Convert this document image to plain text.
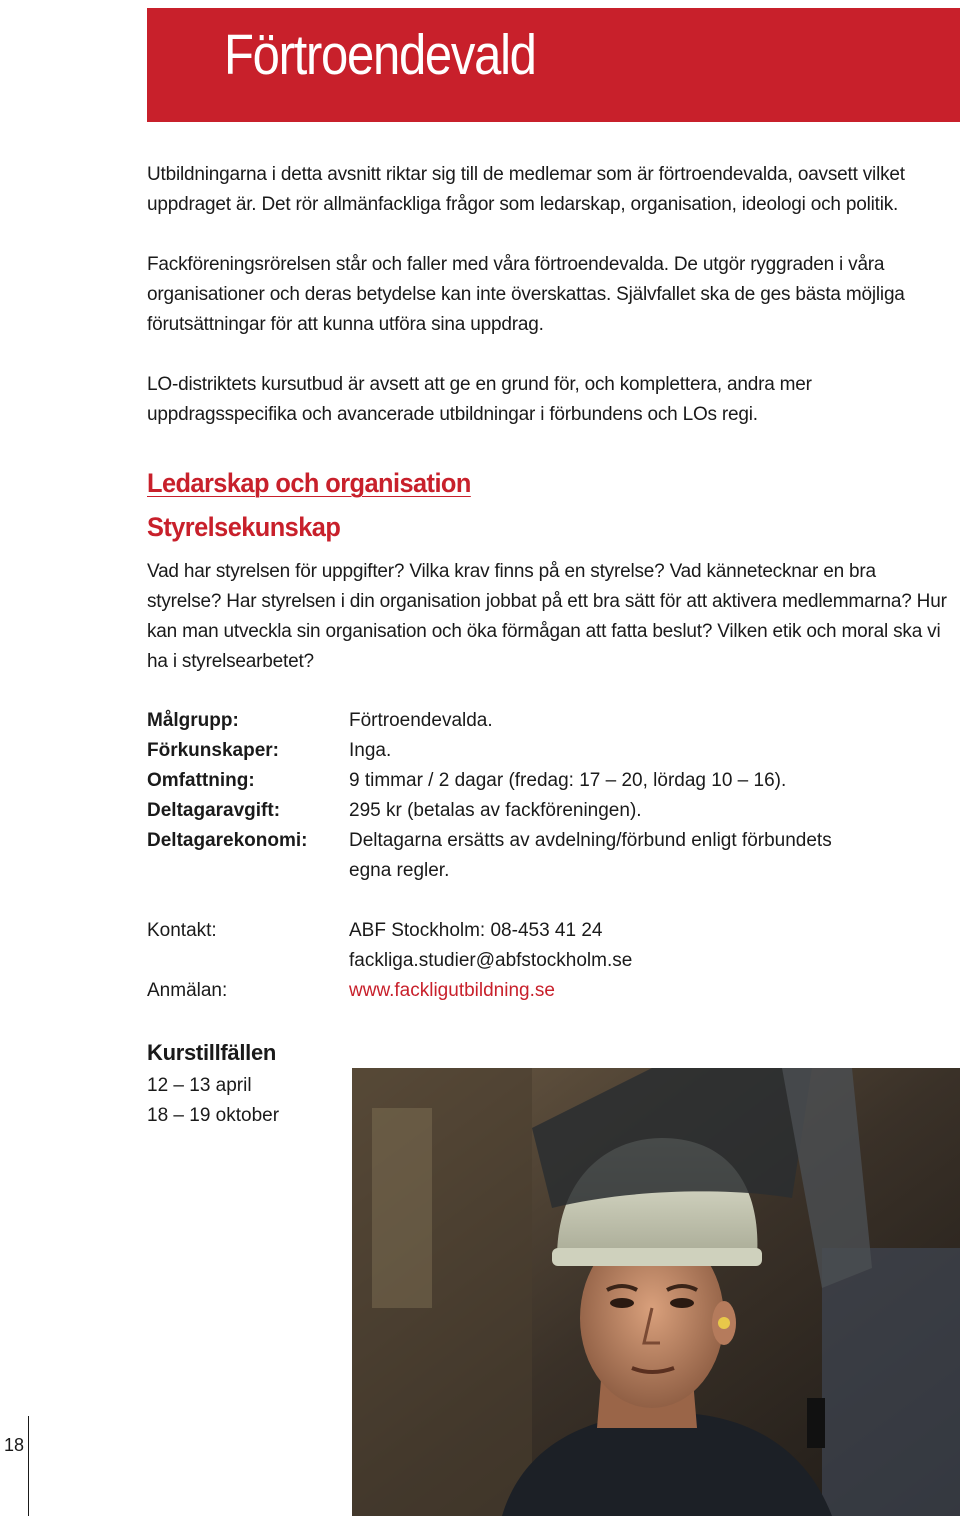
Förtroendevald

Utbildningarna i detta avsnitt riktar sig till de medlemar som är förtroendevalda, oavsett vilket uppdraget är. Det rör allmänfackliga frågor som ledarskap, organisation, ideologi och politik.

Fackföreningsrörelsen står och faller med våra förtroendevalda. De utgör ryggraden i våra organisationer och deras betydelse kan inte överskattas. Självfallet ska de ges bästa möjliga förutsättningar för att kunna utföra sina uppdrag.

LO-distriktets kursutbud är avsett att ge en grund för, och komplettera, andra mer uppdragsspecifika och avancerade utbildningar i förbundens och LOs regi.

Ledarskap och organisation
Styrelsekunskap

Vad har styrelsen för uppgifter? Vilka krav finns på en styrelse? Vad kännetecknar en bra styrelse? Har styrelsen i din organisation jobbat på ett bra sätt för att aktivera medlemmarna? Hur kan man utveckla sin organisation och öka förmågan att fatta beslut? Vilken etik och moral ska vi ha i styrelsearbetet?

Målgrupp:	Förtroendevalda.
Förkunskaper:	Inga.
Omfattning:	9 timmar / 2 dagar (fredag: 17 – 20, lördag 10 – 16).
Deltagaravgift:	295 kr (betalas av fackföreningen).
Deltagarekonomi: Deltagarna ersätts av avdelning/förbund enligt förbundets
egna regler.
Kontakt:	ABF Stockholm: 08-453 41 24
fackliga.studier@abfstockholm.se
Anmälan:	www.fackligutbildning.se
Kurstillfällen
12 – 13 april
18 – 19 oktober
18
